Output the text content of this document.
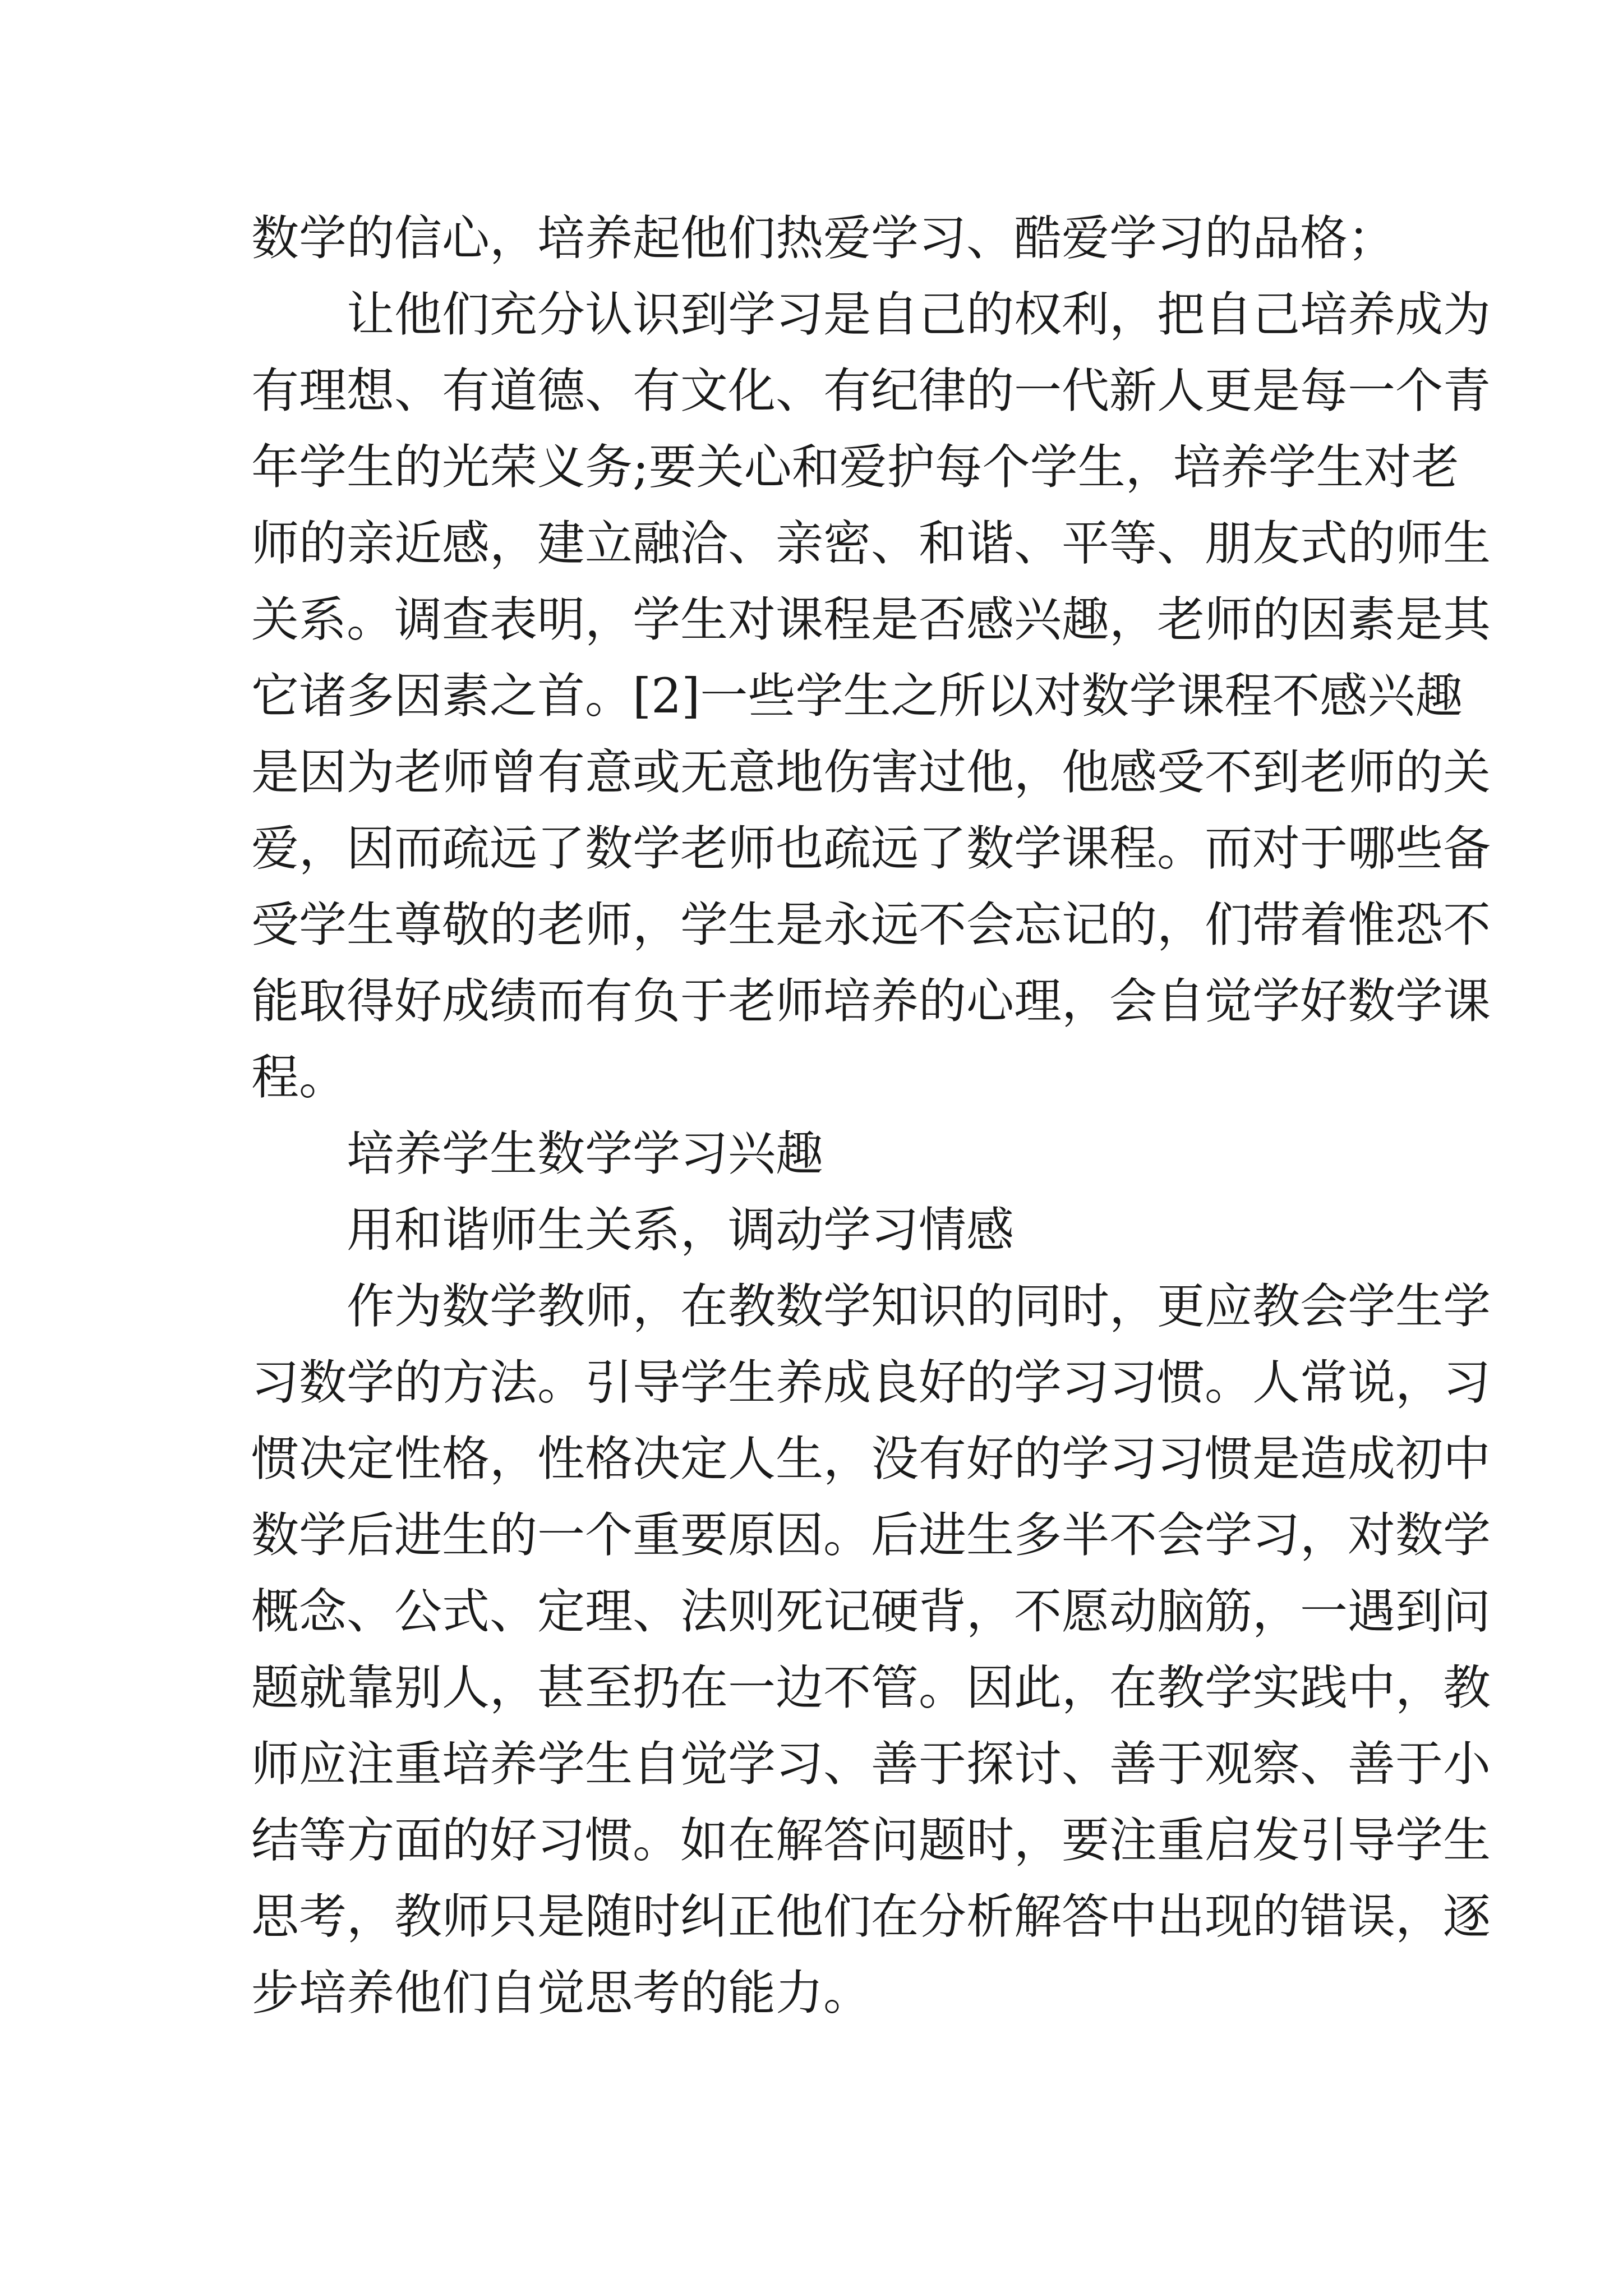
数学的信心，培养起他们热爱学习、酷爱学习的品格；
让他们充分认识到学习是自己的权利，把自己培养成为
有理想、有道德、有文化、有纪律的一代新人更是每一个青
年学生的光荣义务;要关心和爱护每个学生，培养学生对老
师的亲近感，建立融洽、亲密、和谐、平等、朋友式的师生
关系。调查表明，学生对课程是否感兴趣，老师的因素是其
它诸多因素之首。[2]一些学生之所以对数学课程不感兴趣
是因为老师曾有意或无意地伤害过他，他感受不到老师的关
爱，因而疏远了数学老师也疏远了数学课程。而对于哪些备
受学生尊敬的老师，学生是永远不会忘记的，们带着惟恐不
能取得好成绩而有负于老师培养的心理，会自觉学好数学课
程。
培养学生数学学习兴趣
用和谐师生关系，调动学习情感
作为数学教师，在教数学知识的同时，更应教会学生学
习数学的方法。引导学生养成良好的学习习惯。人常说，习
惯决定性格，性格决定人生，没有好的学习习惯是造成初中
数学后进生的一个重要原因。后进生多半不会学习，对数学
概念、公式、定理、法则死记硬背，不愿动脑筋，一遇到问
题就靠别人，甚至扔在一边不管。因此，在教学实践中，教
师应注重培养学生自觉学习、善于探讨、善于观察、善于小
结等方面的好习惯。如在解答问题时，要注重启发引导学生
思考，教师只是随时纠正他们在分析解答中出现的错误，逐
步培养他们自觉思考的能力。
